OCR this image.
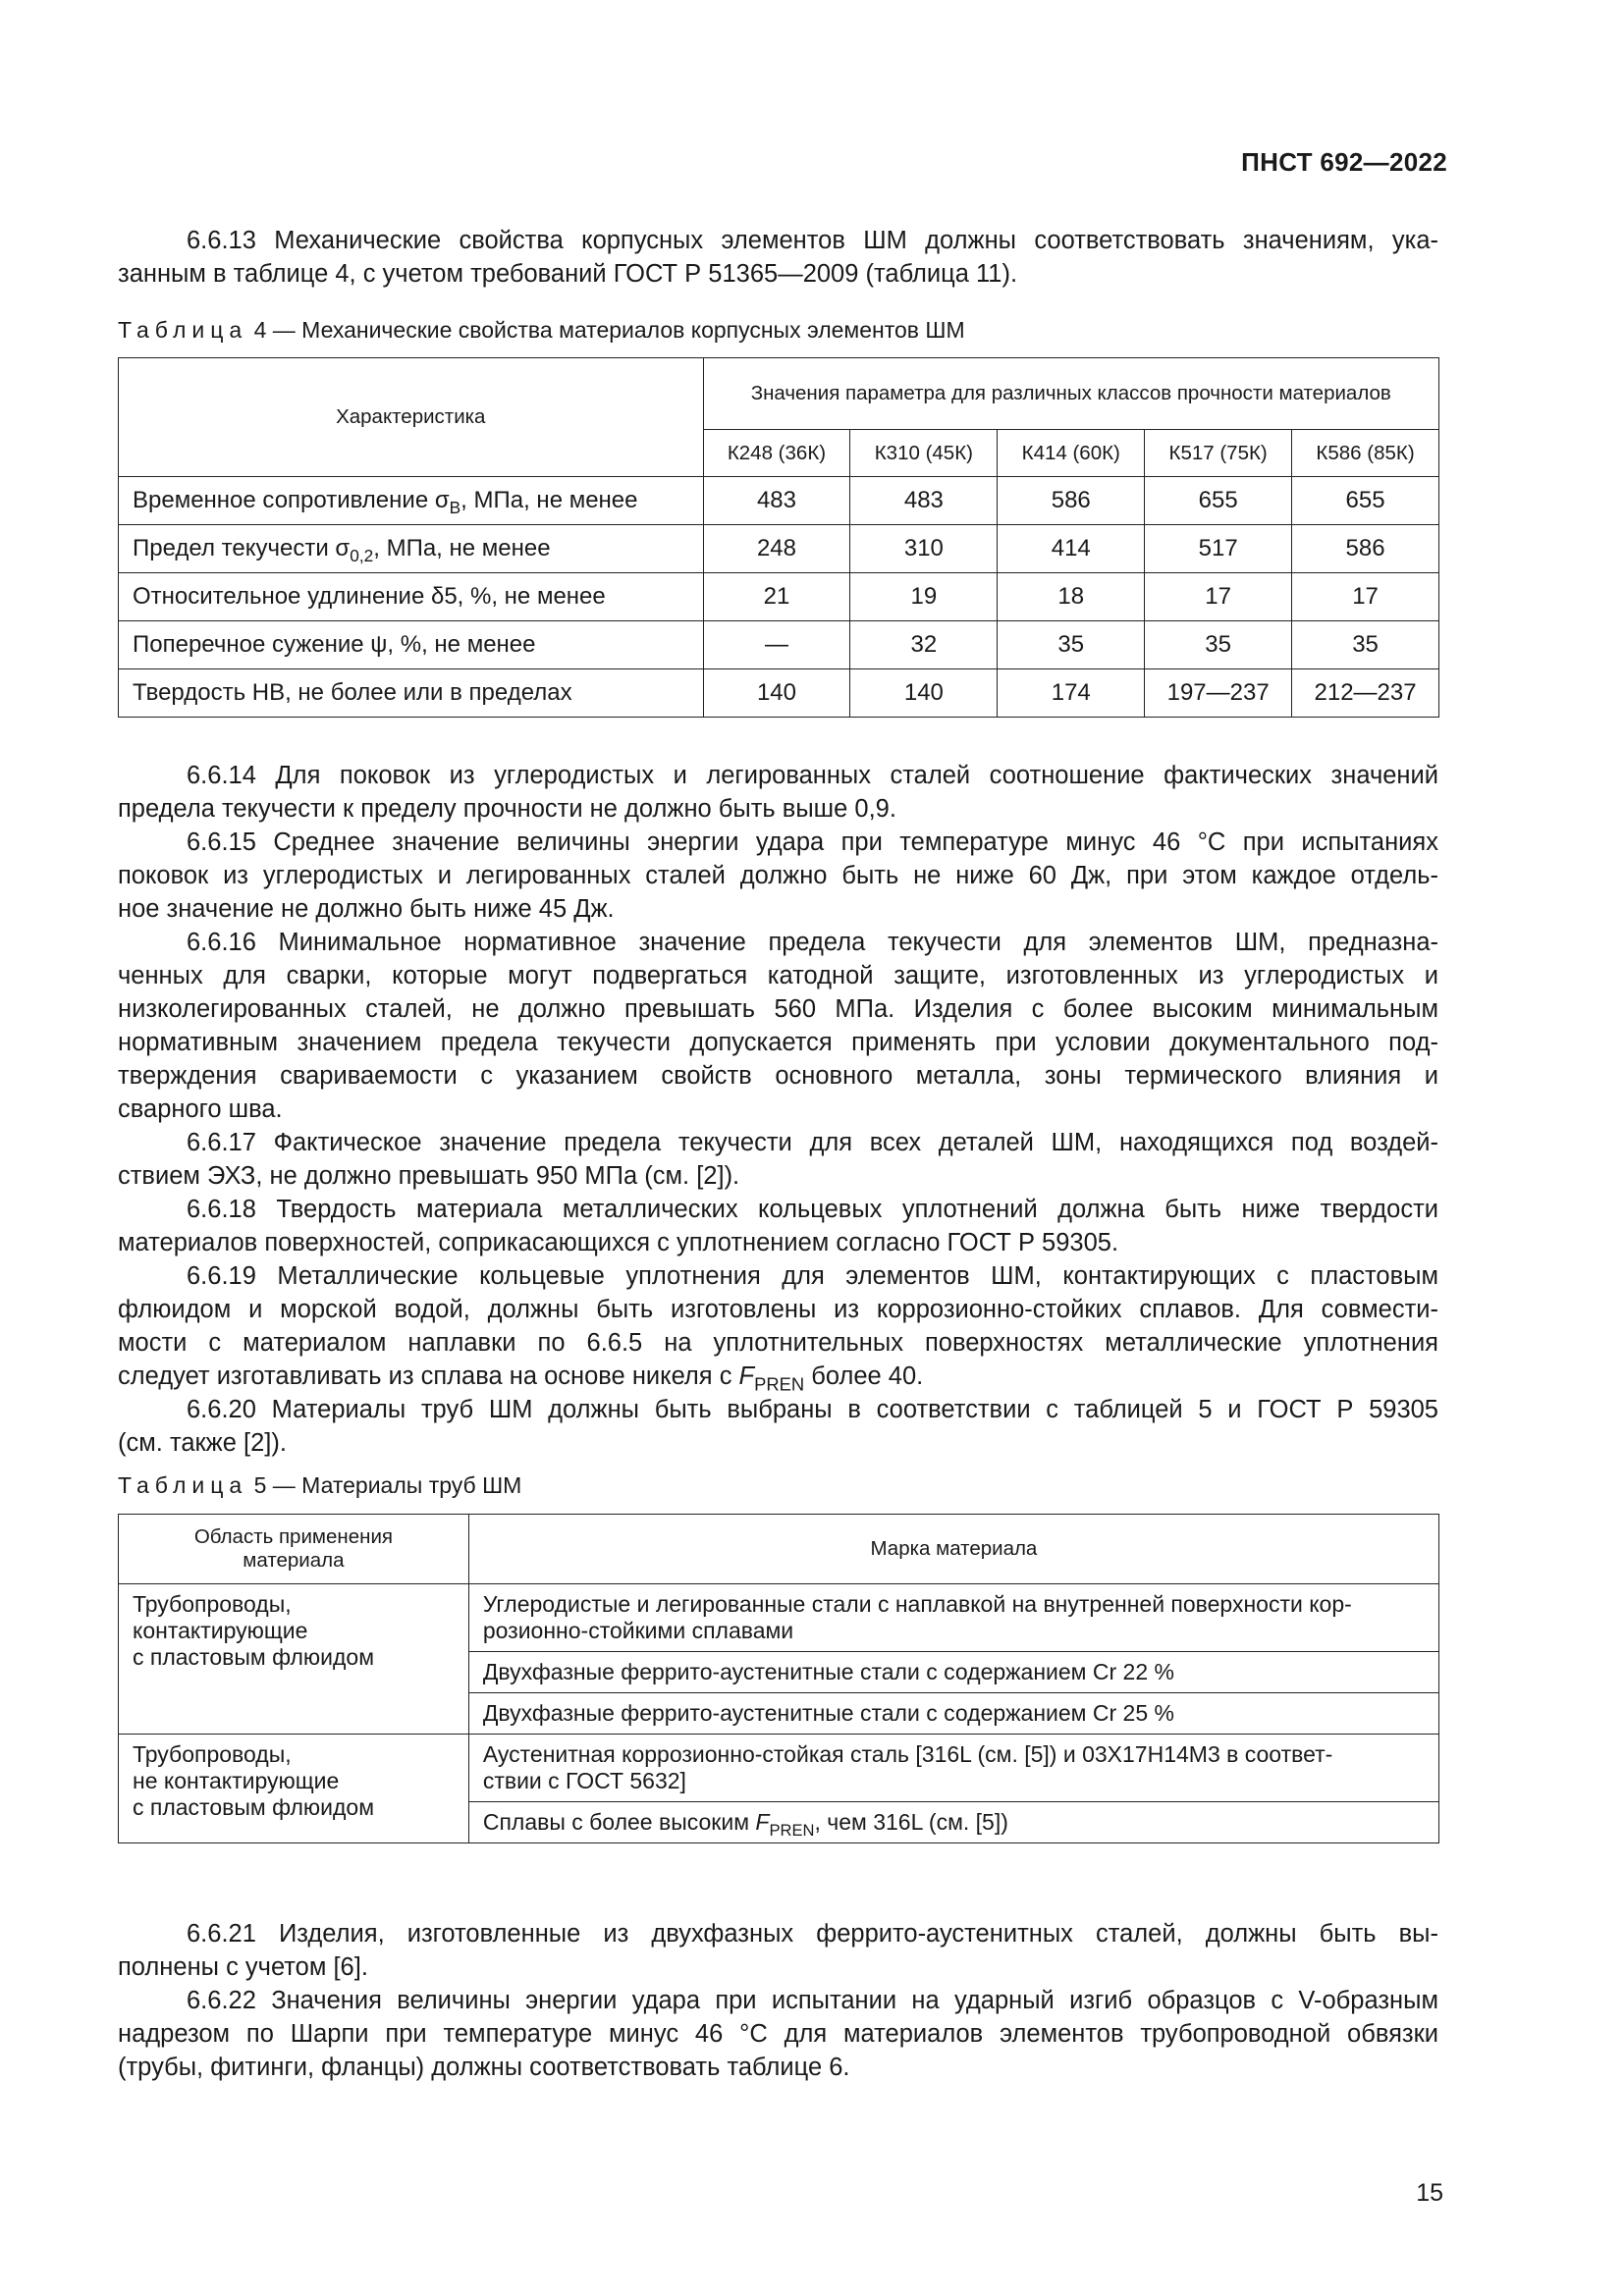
ПНСТ 692—2022
6.6.13 Механические свойства корпусных элементов ШМ должны соответствовать значениям, ука-
занным в таблице 4, с учетом требований ГОСТ Р 51365—2009 (таблица 11).
Таблица 4 — Механические свойства материалов корпусных элементов ШМ
Характеристика	Значения параметра для различных классов прочности материалов				
	К248 (36К)	К310 (45К)	К414 (60К)	К517 (75К)	К586 (85К)
Временное сопротивление $\sigma_В$, МПа, не менее	483	483	586	655	655
Предел текучести $\sigma_{0,2}$, МПа, не менее	248	310	414	517	586
Относительное удлинение δ5, %, не менее	21	19	18	17	17
Поперечное сужение ψ, %, не менее	—	32	35	35	35
Твердость НВ, не более или в пределах	140	140	174	197—237	212—237
6.6.14 Для поковок из углеродистых и легированных сталей соотношение фактических значений
предела текучести к пределу прочности не должно быть выше 0,9.
6.6.15 Среднее значение величины энергии удара при температуре минус 46 °С при испытаниях
поковок из углеродистых и легированных сталей должно быть не ниже 60 Дж, при этом каждое отдель-
ное значение не должно быть ниже 45 Дж.
6.6.16 Минимальное нормативное значение предела текучести для элементов ШМ, предназна-
ченных для сварки, которые могут подвергаться катодной защите, изготовленных из углеродистых и
низколегированных сталей, не должно превышать 560 МПа. Изделия с более высоким минимальным
нормативным значением предела текучести допускается применять при условии документального под-
тверждения свариваемости с указанием свойств основного металла, зоны термического влияния и
сварного шва.
6.6.17 Фактическое значение предела текучести для всех деталей ШМ, находящихся под воздей-
ствием ЭХЗ, не должно превышать 950 МПа (см. [2]).
6.6.18 Твердость материала металлических кольцевых уплотнений должна быть ниже твердости
материалов поверхностей, соприкасающихся с уплотнением согласно ГОСТ Р 59305.
6.6.19 Металлические кольцевые уплотнения для элементов ШМ, контактирующих с пластовым
флюидом и морской водой, должны быть изготовлены из коррозионно-стойких сплавов. Для совмести-
мости с материалом наплавки по 6.6.5 на уплотнительных поверхностях металлические уплотнения
следует изготавливать из сплава на основе никеля с $F_{PREN}$ более 40.
6.6.20 Материалы труб ШМ должны быть выбраны в соответствии с таблицей 5 и ГОСТ Р 59305
(см. также [2]).
Таблица 5 — Материалы труб ШМ
Область применения
материала	Марка материала
Трубопроводы,
контактирующие
с пластовым флюидом	Углеродистые и легированные стали с наплавкой на внутренней поверхности кор-
розионно-стойкими сплавами
	Двухфазные феррито-аустенитные стали с содержанием Cr 22 %
	Двухфазные феррито-аустенитные стали с содержанием Cr 25 %
Трубопроводы,
не контактирующие
с пластовым флюидом	Аустенитная коррозионно-стойкая сталь [316L (см. [5]) и 03Х17Н14М3 в соответ-
ствии с ГОСТ 5632]
	Сплавы с более высоким $F_{PREN}$, чем 316L (см. [5])
6.6.21 Изделия, изготовленные из двухфазных феррито-аустенитных сталей, должны быть вы-
полнены с учетом [6].
6.6.22 Значения величины энергии удара при испытании на ударный изгиб образцов с V-образным
надрезом по Шарпи при температуре минус 46 °С для материалов элементов трубопроводной обвязки
(трубы, фитинги, фланцы) должны соответствовать таблице 6.
15
